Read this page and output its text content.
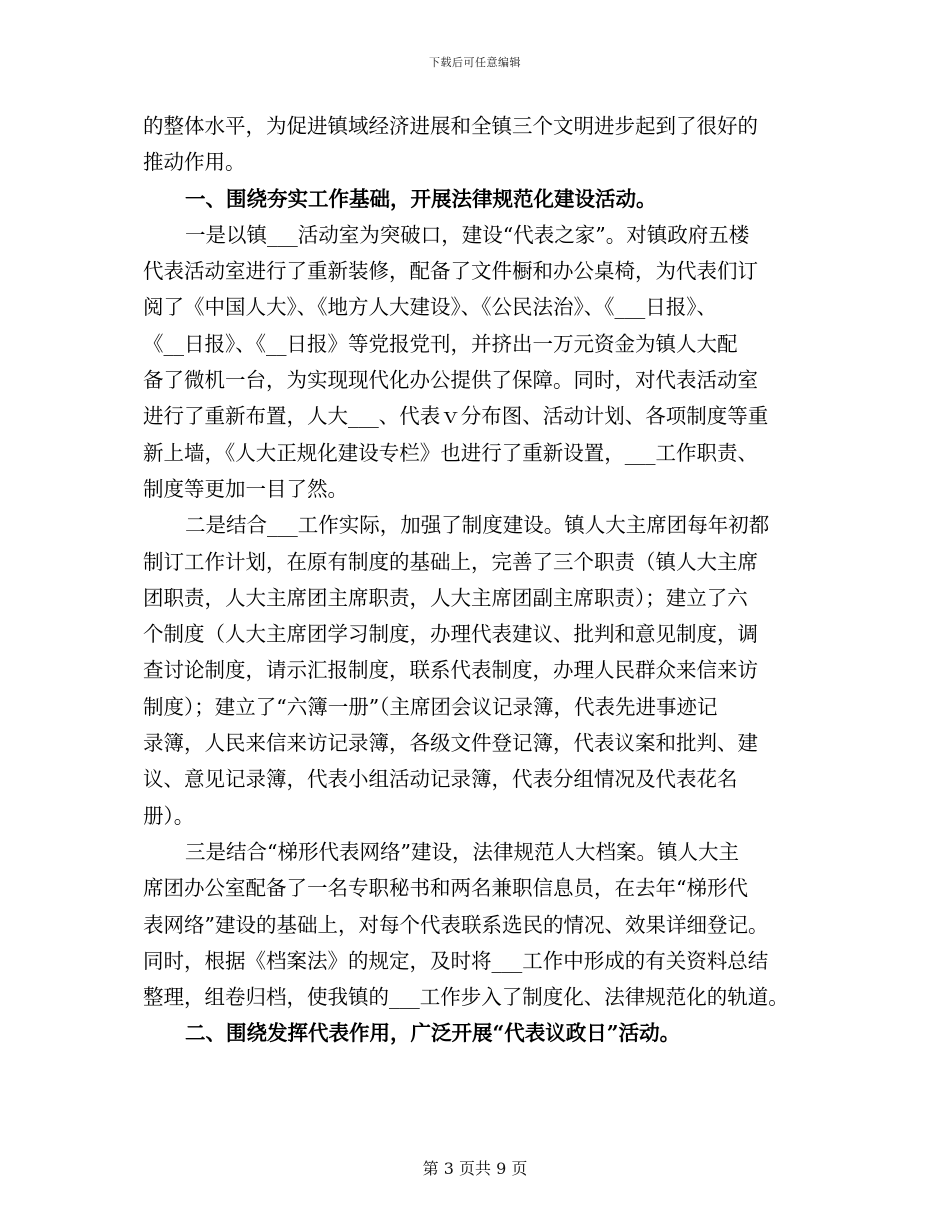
下载后可任意编辑
的整体水平，为促进镇域经济进展和全镇三个文明进步起到了很好的
推动作用。
一、围绕夯实工作基础，开展法律规范化建设活动。
一是以镇___活动室为突破口，建设“代表之家”。对镇政府五楼
代表活动室进行了重新装修，配备了文件橱和办公桌椅，为代表们订
阅了《中国人大》、《地方人大建设》、《公民法治》、《___日报》、
《__日报》、《__日报》等党报党刊，并挤出一万元资金为镇人大配
备了微机一台，为实现现代化办公提供了保障。同时，对代表活动室
进行了重新布置，人大___、代表ｖ分布图、活动计划、各项制度等重
新上墙，《人大正规化建设专栏》也进行了重新设置，___工作职责、
制度等更加一目了然。
二是结合___工作实际，加强了制度建设。镇人大主席团每年初都
制订工作计划，在原有制度的基础上，完善了三个职责（镇人大主席
团职责，人大主席团主席职责，人大主席团副主席职责）；建立了六
个制度（人大主席团学习制度，办理代表建议、批判和意见制度，调
查讨论制度，请示汇报制度，联系代表制度，办理人民群众来信来访
制度）；建立了“六簿一册”（主席团会议记录簿，代表先进事迹记
录簿，人民来信来访记录簿，各级文件登记簿，代表议案和批判、建
议、意见记录簿，代表小组活动记录簿，代表分组情况及代表花名
册）。
三是结合“梯形代表网络”建设，法律规范人大档案。镇人大主
席团办公室配备了一名专职秘书和两名兼职信息员，在去年“梯形代
表网络”建设的基础上，对每个代表联系选民的情况、效果详细登记。
同时，根据《档案法》的规定，及时将___工作中形成的有关资料总结
整理，组卷归档，使我镇的___工作步入了制度化、法律规范化的轨道。
二、围绕发挥代表作用，广泛开展“代表议政日”活动。
第 3 页共 9 页
